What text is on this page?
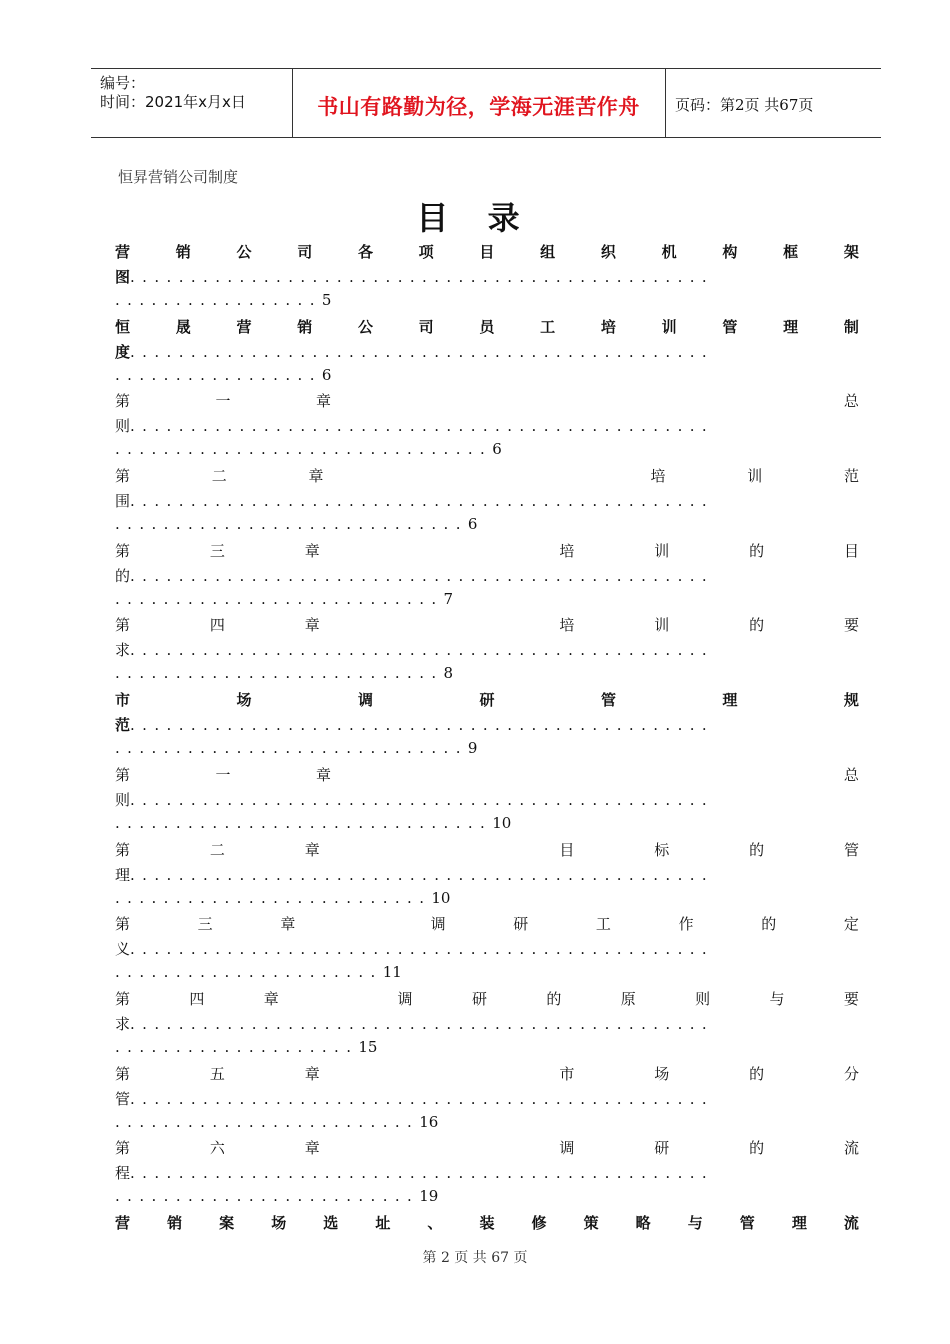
编号：
时间：2021年x月x日	书山有路勤为径，学海无涯苦作舟	页码：第2页 共67页
恒昇营销公司制度
目 录
营	销	公	司	各	项	目	组	织	机	构	框	架
图................................................
.................5
恒	晟	营	销	公	司	员	工	培	训	管	理	制
度................................................
.................6
第	一	章	总
则................................................
...............................6
第	二	章	培	训	范
围................................................
.............................6
第	三	章	培	训	的	目
的................................................
...........................7
第	四	章	培	训	的	要
求................................................
...........................8
市	场	调	研	管	理	规
范................................................
.............................9
第	一	章	总
则................................................
...............................10
第	二	章	目	标	的	管
理................................................
..........................10
第	三	章	调	研	工	作	的	定
义................................................
......................11
第	四	章	调	研	的	原	则	与	要
求................................................
....................15
第	五	章	市	场	的	分
管................................................
.........................16
第	六	章	调	研	的	流
程................................................
.........................19
营 销 案 场 选 址 、 装 修 策 略 与 管 理 流
第 2 页 共 67 页
